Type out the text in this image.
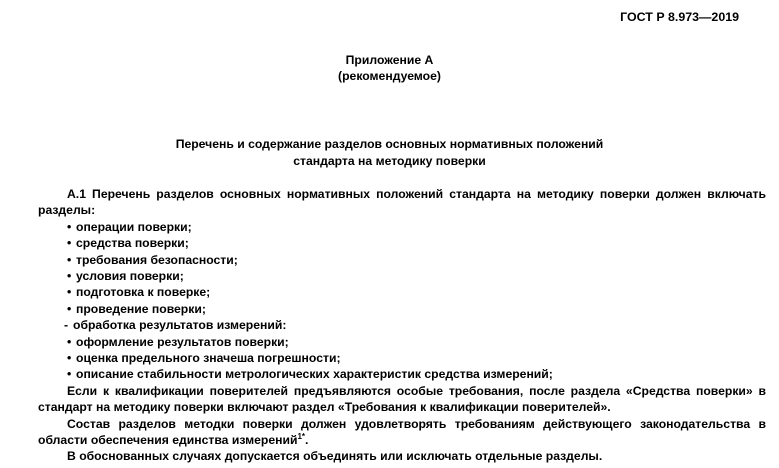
ГОСТ Р 8.973—2019
Приложение А
(рекомендуемое)
Перечень и содержание разделов основных нормативных положений
стандарта на методику поверки

А.1 Перечень разделов основных нормативных положений стандарта на методику поверки должен включать разделы:

• операции поверки;
• средства поверки;
• требования безопасности;
• условия поверки;
• подготовка к поверке;
• проведение поверки;
- обработка результатов измерений:
• оформление результатов поверки;
• оценка предельного значеша погрешности;
• описание стабильности метрологических характеристик средства измерений;

Если к квалификации поверителей предъявляются особые требования, после раздела «Средства поверки» в стандарт на методику поверки включают раздел «Требования к квалификации поверителей».

Состав разделов методки поверки должен удовлетворять требованиям действующего законодательства в области обеспечения единства измерений$^{1*}$.

В обоснованных случаях допускается объединять или исключать отдельные разделы.
